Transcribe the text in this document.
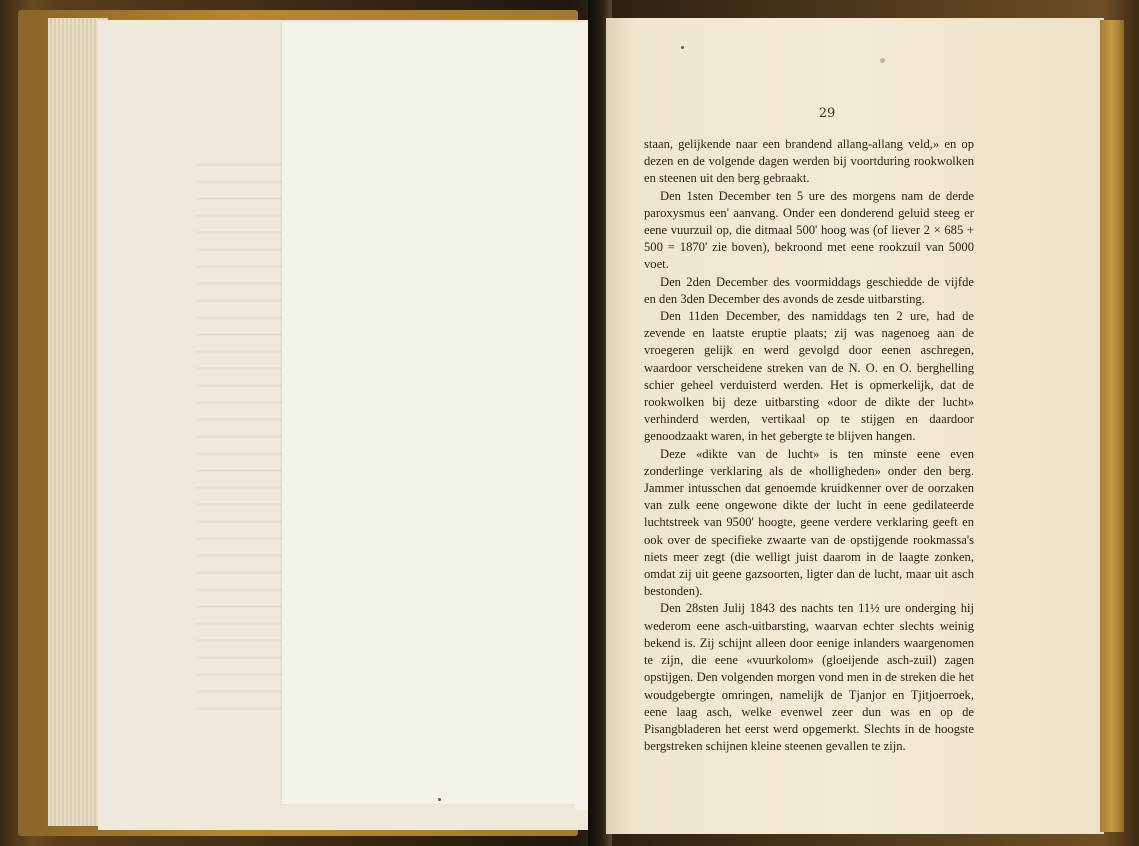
29

staan, gelijkende naar een brandend allang-allang veld,» en op dezen en de volgende dagen werden bij voortduring rookwolken en steenen uit den berg gebraakt.

Den 1sten December ten 5 ure des morgens nam de derde paroxysmus een' aanvang. Onder een donderend geluid steeg er eene vuurzuil op, die ditmaal 500' hoog was (of liever 2 × 685 + 500 = 1870' zie boven), bekroond met eene rookzuil van 5000 voet.

Den 2den December des voormiddags geschiedde de vijfde en den 3den December des avonds de zesde uitbarsting.

Den 11den December, des namiddags ten 2 ure, had de zevende en laatste eruptie plaats; zij was nagenoeg aan de vroegeren gelijk en werd gevolgd door eenen aschregen, waardoor verscheidene streken van de N. O. en O. berghelling schier geheel verduisterd werden. Het is opmerkelijk, dat de rookwolken bij deze uitbarsting «door de dikte der lucht» verhinderd werden, vertikaal op te stijgen en daardoor genoodzaakt waren, in het gebergte te blijven hangen.

Deze «dikte van de lucht» is ten minste eene even zonderlinge verklaring als de «holligheden» onder den berg. Jammer intusschen dat genoemde kruidkenner over de oorzaken van zulk eene ongewone dikte der lucht in eene gedilateerde luchtstreek van 9500' hoogte, geene verdere verklaring geeft en ook over de specifieke zwaarte van de opstijgende rookmassa's niets meer zegt (die welligt juist daarom in de laagte zonken, omdat zij uit geene gazsoorten, ligter dan de lucht, maar uit asch bestonden).

Den 28sten Julij 1843 des nachts ten 11½ ure onderging hij wederom eene asch-uitbarsting, waarvan echter slechts weinig bekend is. Zij schijnt alleen door eenige inlanders waargenomen te zijn, die eene «vuurkolom» (gloeijende asch-zuil) zagen opstijgen. Den volgenden morgen vond men in de streken die het woudgebergte omringen, namelijk de Tjanjor en Tjitjoerroek, eene laag asch, welke evenwel zeer dun was en op de Pisangbladeren het eerst werd opgemerkt. Slechts in de hoogste bergstreken schijnen kleine steenen gevallen te zijn.
